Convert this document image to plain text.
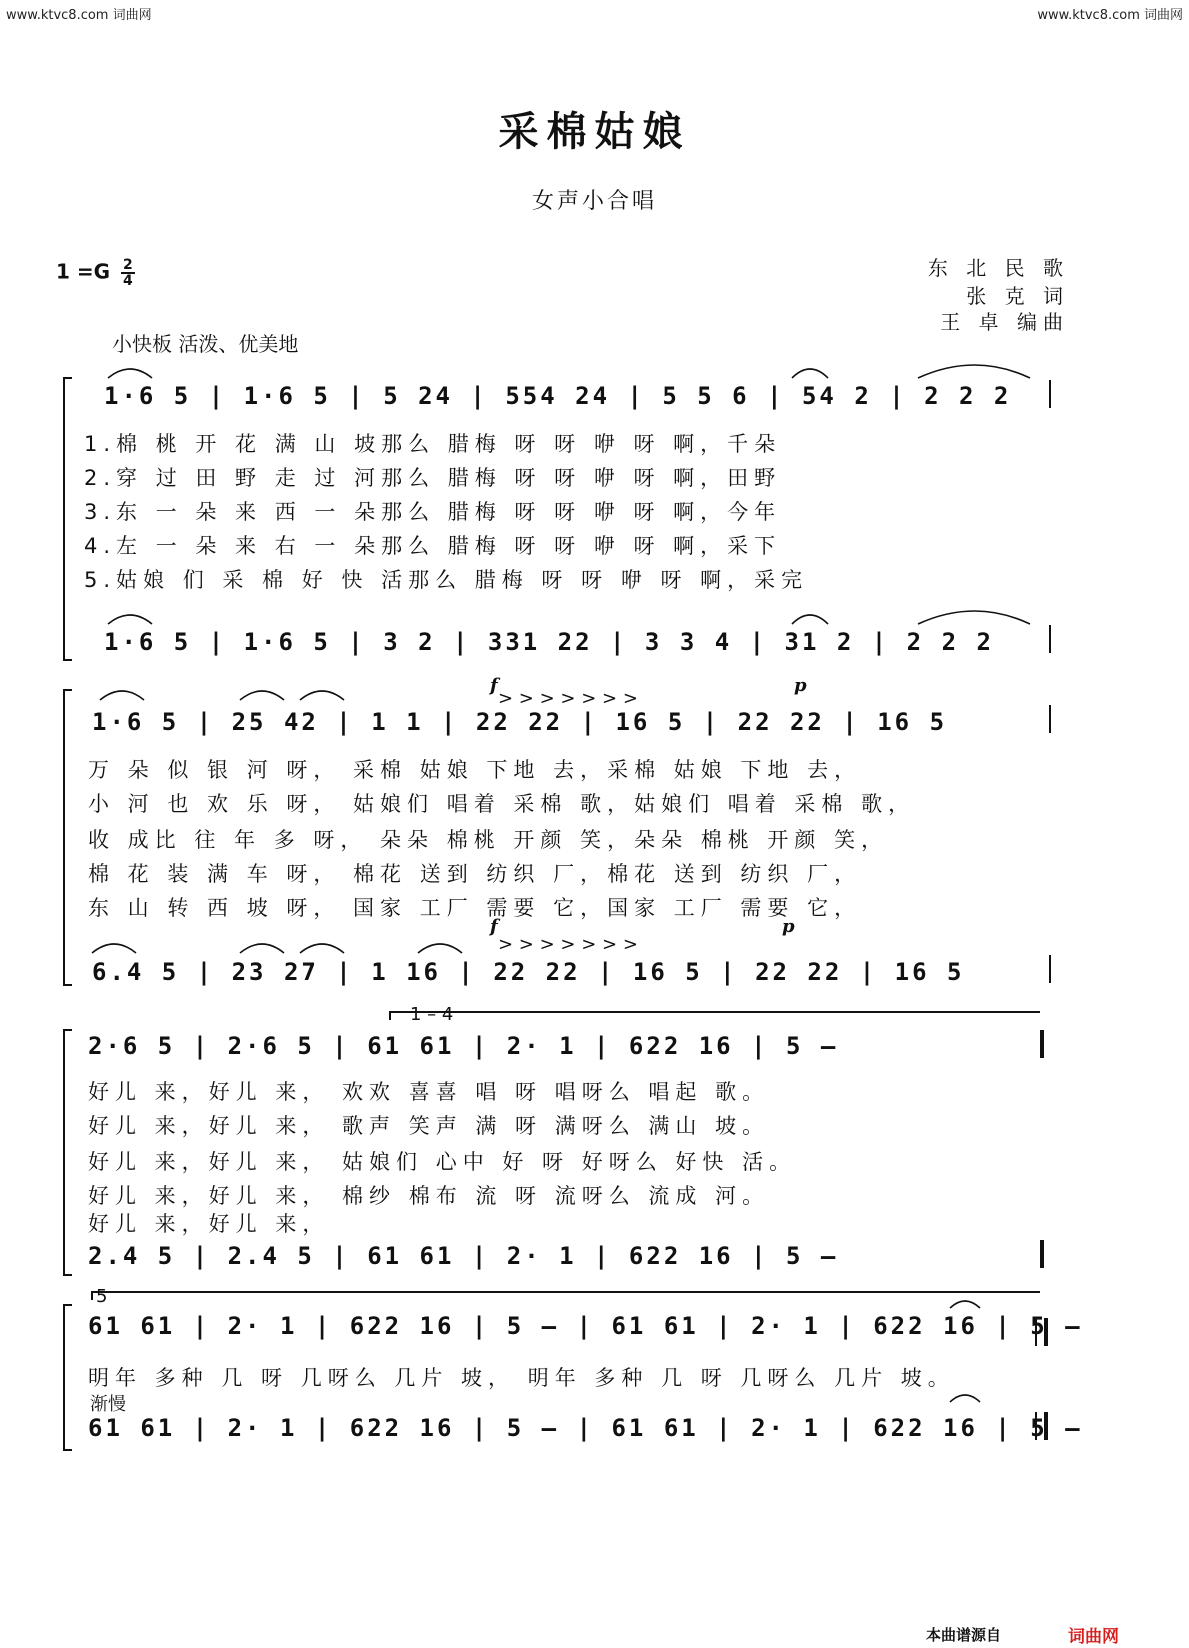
www.ktvc8.com 词曲网	www.ktvc8.com 词曲网
采棉姑娘
女声小合唱
$1 =G \frac{2}{4}$	东 北 民 歌
张 克 词
王 卓 编曲
小快板 活泼、优美地
1·6 5 | 1·6 5 | 5 24 | 554 24 | 5 5 6 | 54 2 | 2 2 2
1.棉 桃 开 花 满 山 坡那么 腊梅 呀 呀 咿 呀 啊，千朵
2.穿 过 田 野 走 过 河那么 腊梅 呀 呀 咿 呀 啊，田野
3.东 一 朵 来 西 一 朵那么 腊梅 呀 呀 咿 呀 啊，今年
4.左 一 朵 来 右 一 朵那么 腊梅 呀 呀 咿 呀 啊，采下
5.姑娘 们 采 棉 好 快 活那么 腊梅 呀 呀 咿 呀 啊，采完
1·6 5 | 1·6 5 | 3 2 | 331 22 | 3 3 4 | 31 2 | 2 2 2
f	p
> > > > > > >
1·6 5 | 25 42 | 1 1 | 22 22 | 16 5 | 22 22 | 16 5
万 朵 似 银 河 呀， 采棉 姑娘 下地 去，采棉 姑娘 下地 去，
小 河 也 欢 乐 呀， 姑娘们 唱着 采棉 歌，姑娘们 唱着 采棉 歌，
收 成比 往 年 多 呀， 朵朵 棉桃 开颜 笑，朵朵 棉桃 开颜 笑，
棉 花 装 满 车 呀， 棉花 送到 纺织 厂，棉花 送到 纺织 厂，
东 山 转 西 坡 呀， 国家 工厂 需要 它，国家 工厂 需要 它，
f	p
> > > > > > >
6.4 5 | 23 27 | 1 16 | 22 22 | 16 5 | 22 22 | 16 5
1 – 4
2·6 5 | 2·6 5 | 61 61 | 2· 1 | 622 16 | 5 –
好儿 来，好儿 来， 欢欢 喜喜 唱 呀 唱呀么 唱起 歌。
好儿 来，好儿 来， 歌声 笑声 满 呀 满呀么 满山 坡。
好儿 来，好儿 来， 姑娘们 心中 好 呀 好呀么 好快 活。
好儿 来，好儿 来， 棉纱 棉布 流 呀 流呀么 流成 河。
好儿 来，好儿 来，
2.4 5 | 2.4 5 | 61 61 | 2· 1 | 622 16 | 5 –
5
61 61 | 2· 1 | 622 16 | 5 – | 61 61 | 2· 1 | 622 16 | 5 –
明年 多种 几 呀 几呀么 几片 坡， 明年 多种 几 呀 几呀么 几片 坡。
渐慢
61 61 | 2· 1 | 622 16 | 5 – | 61 61 | 2· 1 | 622 16 | 5 –
本曲谱源自	词曲网
